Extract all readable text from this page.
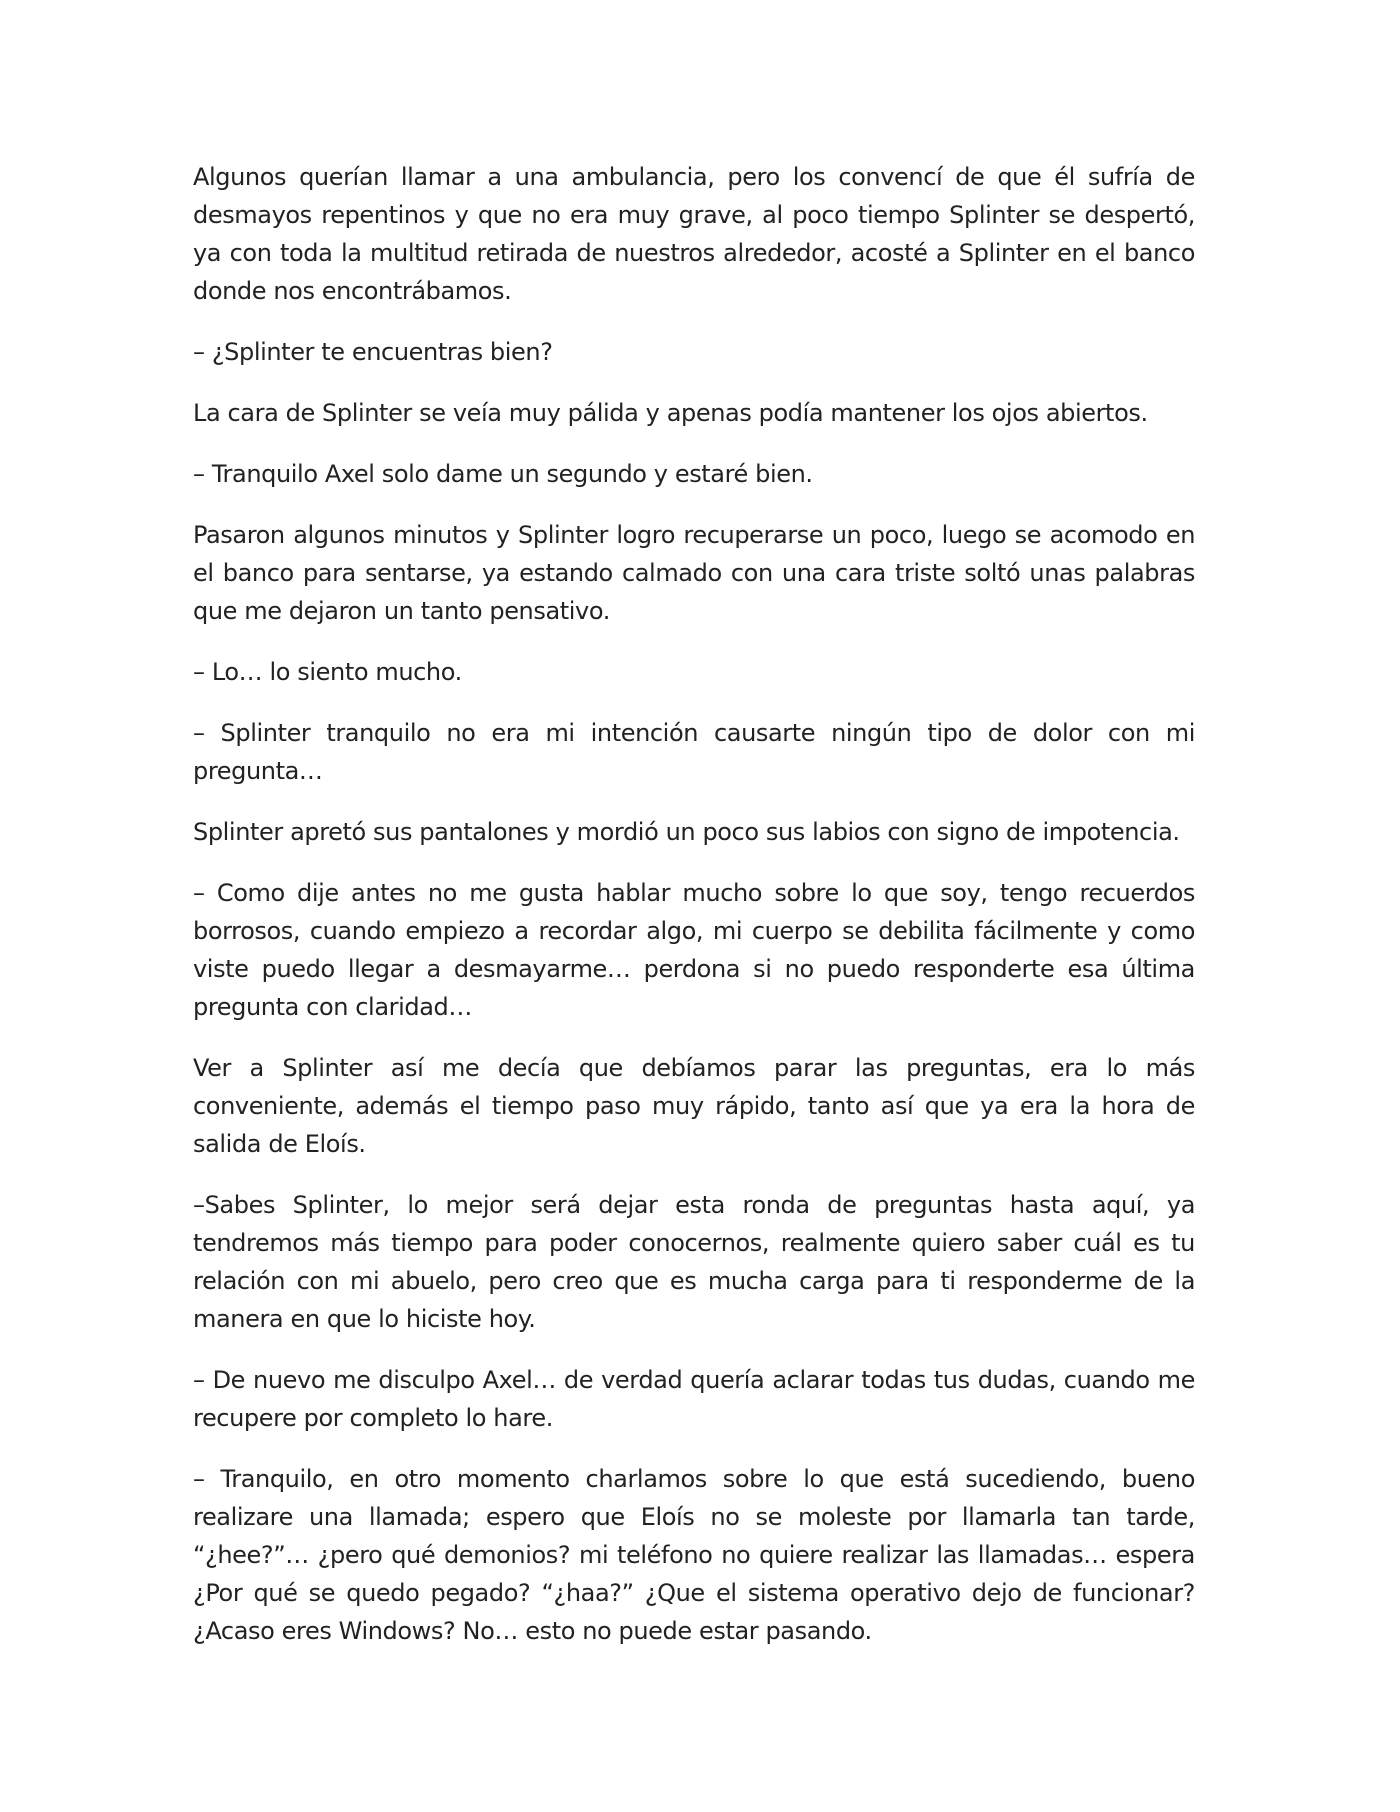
Algunos querían llamar a una ambulancia, pero los convencí de que él sufría de desmayos repentinos y que no era muy grave, al poco tiempo Splinter se despertó, ya con toda la multitud retirada de nuestros alrededor, acosté a Splinter en el banco donde nos encontrábamos.

– ¿Splinter te encuentras bien?

La cara de Splinter se veía muy pálida y apenas podía mantener los ojos abiertos.

– Tranquilo Axel solo dame un segundo y estaré bien.

Pasaron algunos minutos y Splinter logro recuperarse un poco, luego se acomodo en el banco para sentarse, ya estando calmado con una cara triste soltó unas palabras que me dejaron un tanto pensativo.

– Lo… lo siento mucho.

– Splinter tranquilo no era mi intención causarte ningún tipo de dolor con mi pregunta…

Splinter apretó sus pantalones y mordió un poco sus labios con signo de impotencia.

– Como dije antes no me gusta hablar mucho sobre lo que soy, tengo recuerdos borrosos, cuando empiezo a recordar algo, mi cuerpo se debilita fácilmente y como viste puedo llegar a desmayarme… perdona si no puedo responderte esa última pregunta con claridad…

Ver a Splinter así me decía que debíamos parar las preguntas, era lo más conveniente, además el tiempo paso muy rápido, tanto así que ya era la hora de salida de Eloís.

–Sabes Splinter, lo mejor será dejar esta ronda de preguntas hasta aquí, ya tendremos más tiempo para poder conocernos, realmente quiero saber cuál es tu relación con mi abuelo, pero creo que es mucha carga para ti responderme de la manera en que lo hiciste hoy.

– De nuevo me disculpo Axel… de verdad quería aclarar todas tus dudas, cuando me recupere por completo lo hare.

– Tranquilo, en otro momento charlamos sobre lo que está sucediendo, bueno realizare una llamada; espero que Eloís no se moleste por llamarla tan tarde, “¿hee?”… ¿pero qué demonios? mi teléfono no quiere realizar las llamadas… espera ¿Por qué se quedo pegado? “¿haa?” ¿Que el sistema operativo dejo de funcionar? ¿Acaso eres Windows? No… esto no puede estar pasando.
